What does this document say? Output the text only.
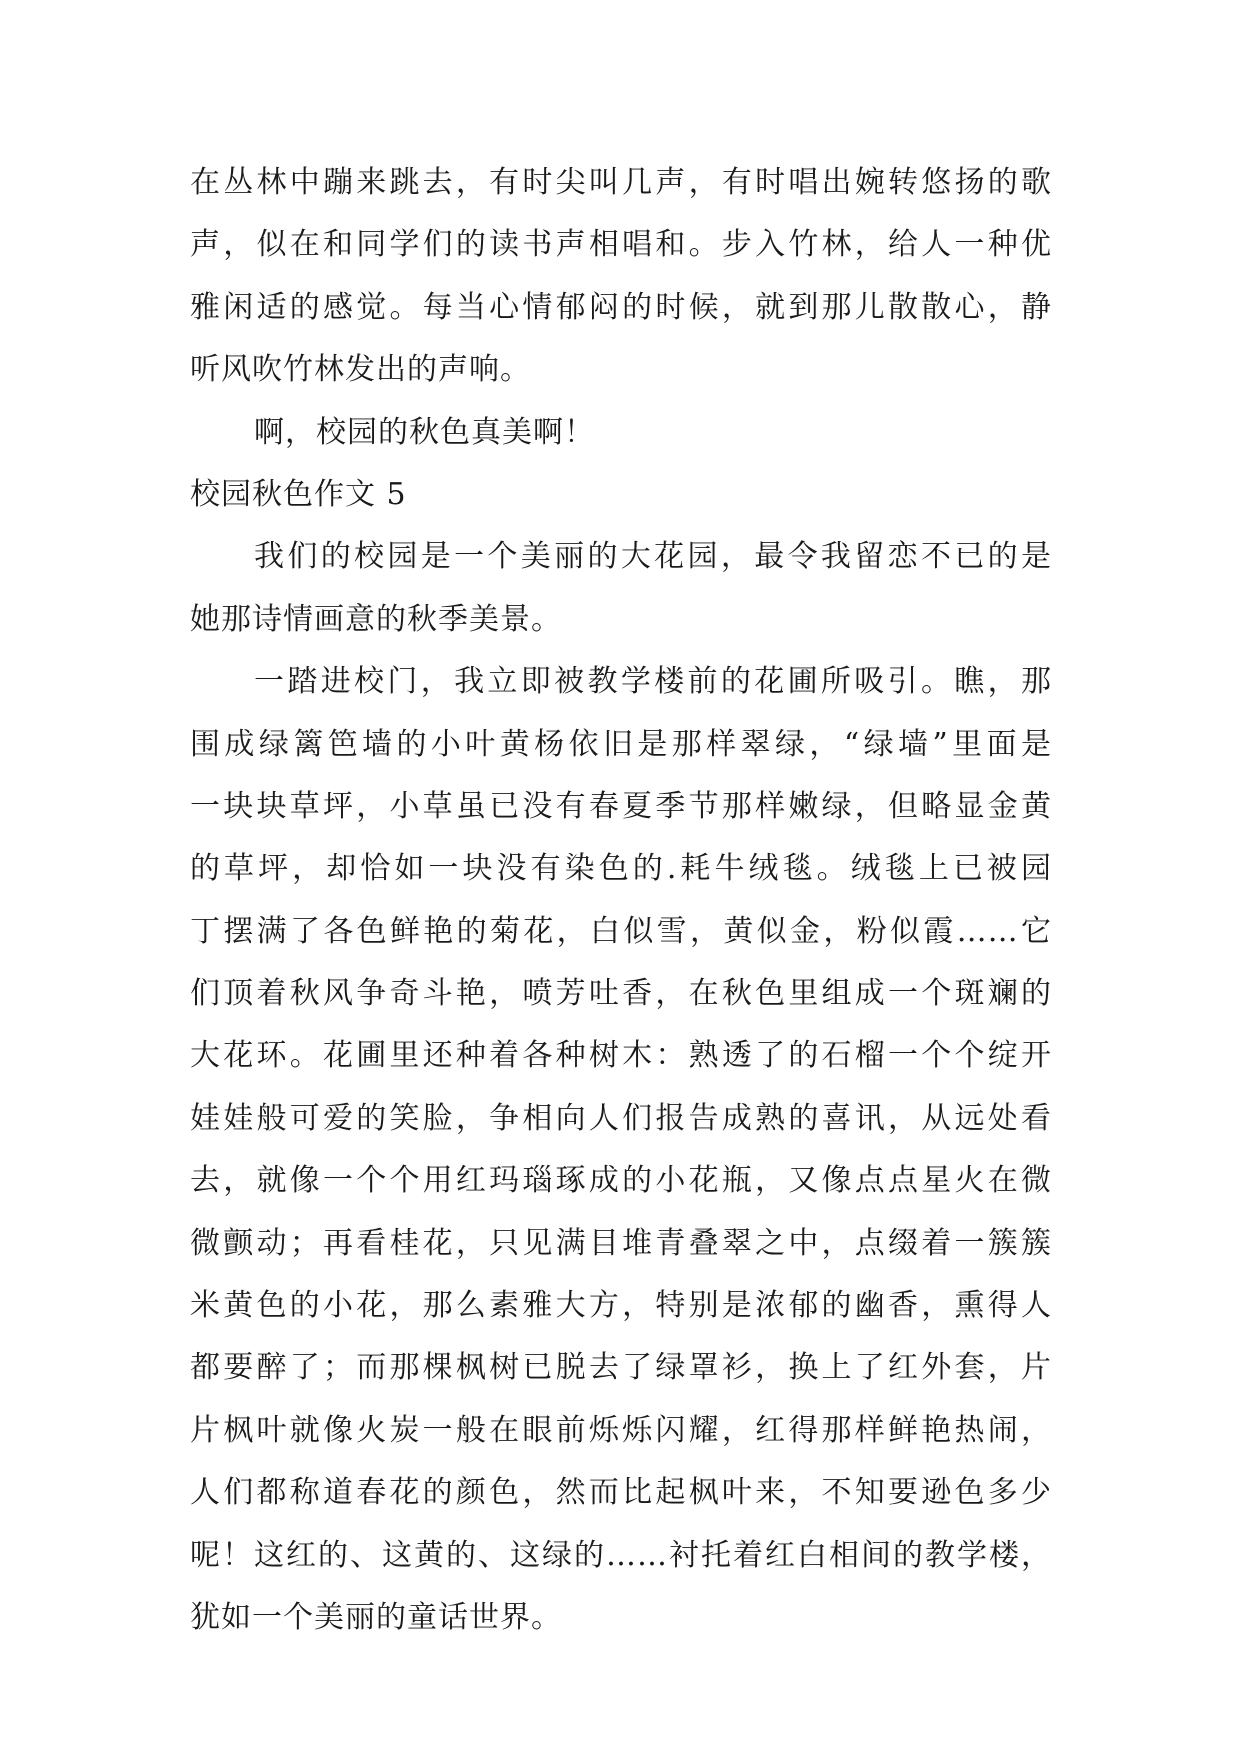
在丛林中蹦来跳去，有时尖叫几声，有时唱出婉转悠扬的歌
声，似在和同学们的读书声相唱和。步入竹林，给人一种优
雅闲适的感觉。每当心情郁闷的时候，就到那儿散散心，静
听风吹竹林发出的声响。
啊，校园的秋色真美啊！
校园秋色作文 5
我们的校园是一个美丽的大花园，最令我留恋不已的是
她那诗情画意的秋季美景。
一踏进校门，我立即被教学楼前的花圃所吸引。瞧，那
围成绿篱笆墙的小叶黄杨依旧是那样翠绿，“绿墙”里面是
一块块草坪，小草虽已没有春夏季节那样嫩绿，但略显金黄
的草坪，却恰如一块没有染色的.耗牛绒毯。绒毯上已被园
丁摆满了各色鲜艳的菊花，白似雪，黄似金，粉似霞……它
们顶着秋风争奇斗艳，喷芳吐香，在秋色里组成一个斑斓的
大花环。花圃里还种着各种树木：熟透了的石榴一个个绽开
娃娃般可爱的笑脸，争相向人们报告成熟的喜讯，从远处看
去，就像一个个用红玛瑙琢成的小花瓶，又像点点星火在微
微颤动；再看桂花，只见满目堆青叠翠之中，点缀着一簇簇
米黄色的小花，那么素雅大方，特别是浓郁的幽香，熏得人
都要醉了；而那棵枫树已脱去了绿罩衫，换上了红外套，片
片枫叶就像火炭一般在眼前烁烁闪耀，红得那样鲜艳热闹，
人们都称道春花的颜色，然而比起枫叶来，不知要逊色多少
呢！这红的、这黄的、这绿的……衬托着红白相间的教学楼，
犹如一个美丽的童话世界。
